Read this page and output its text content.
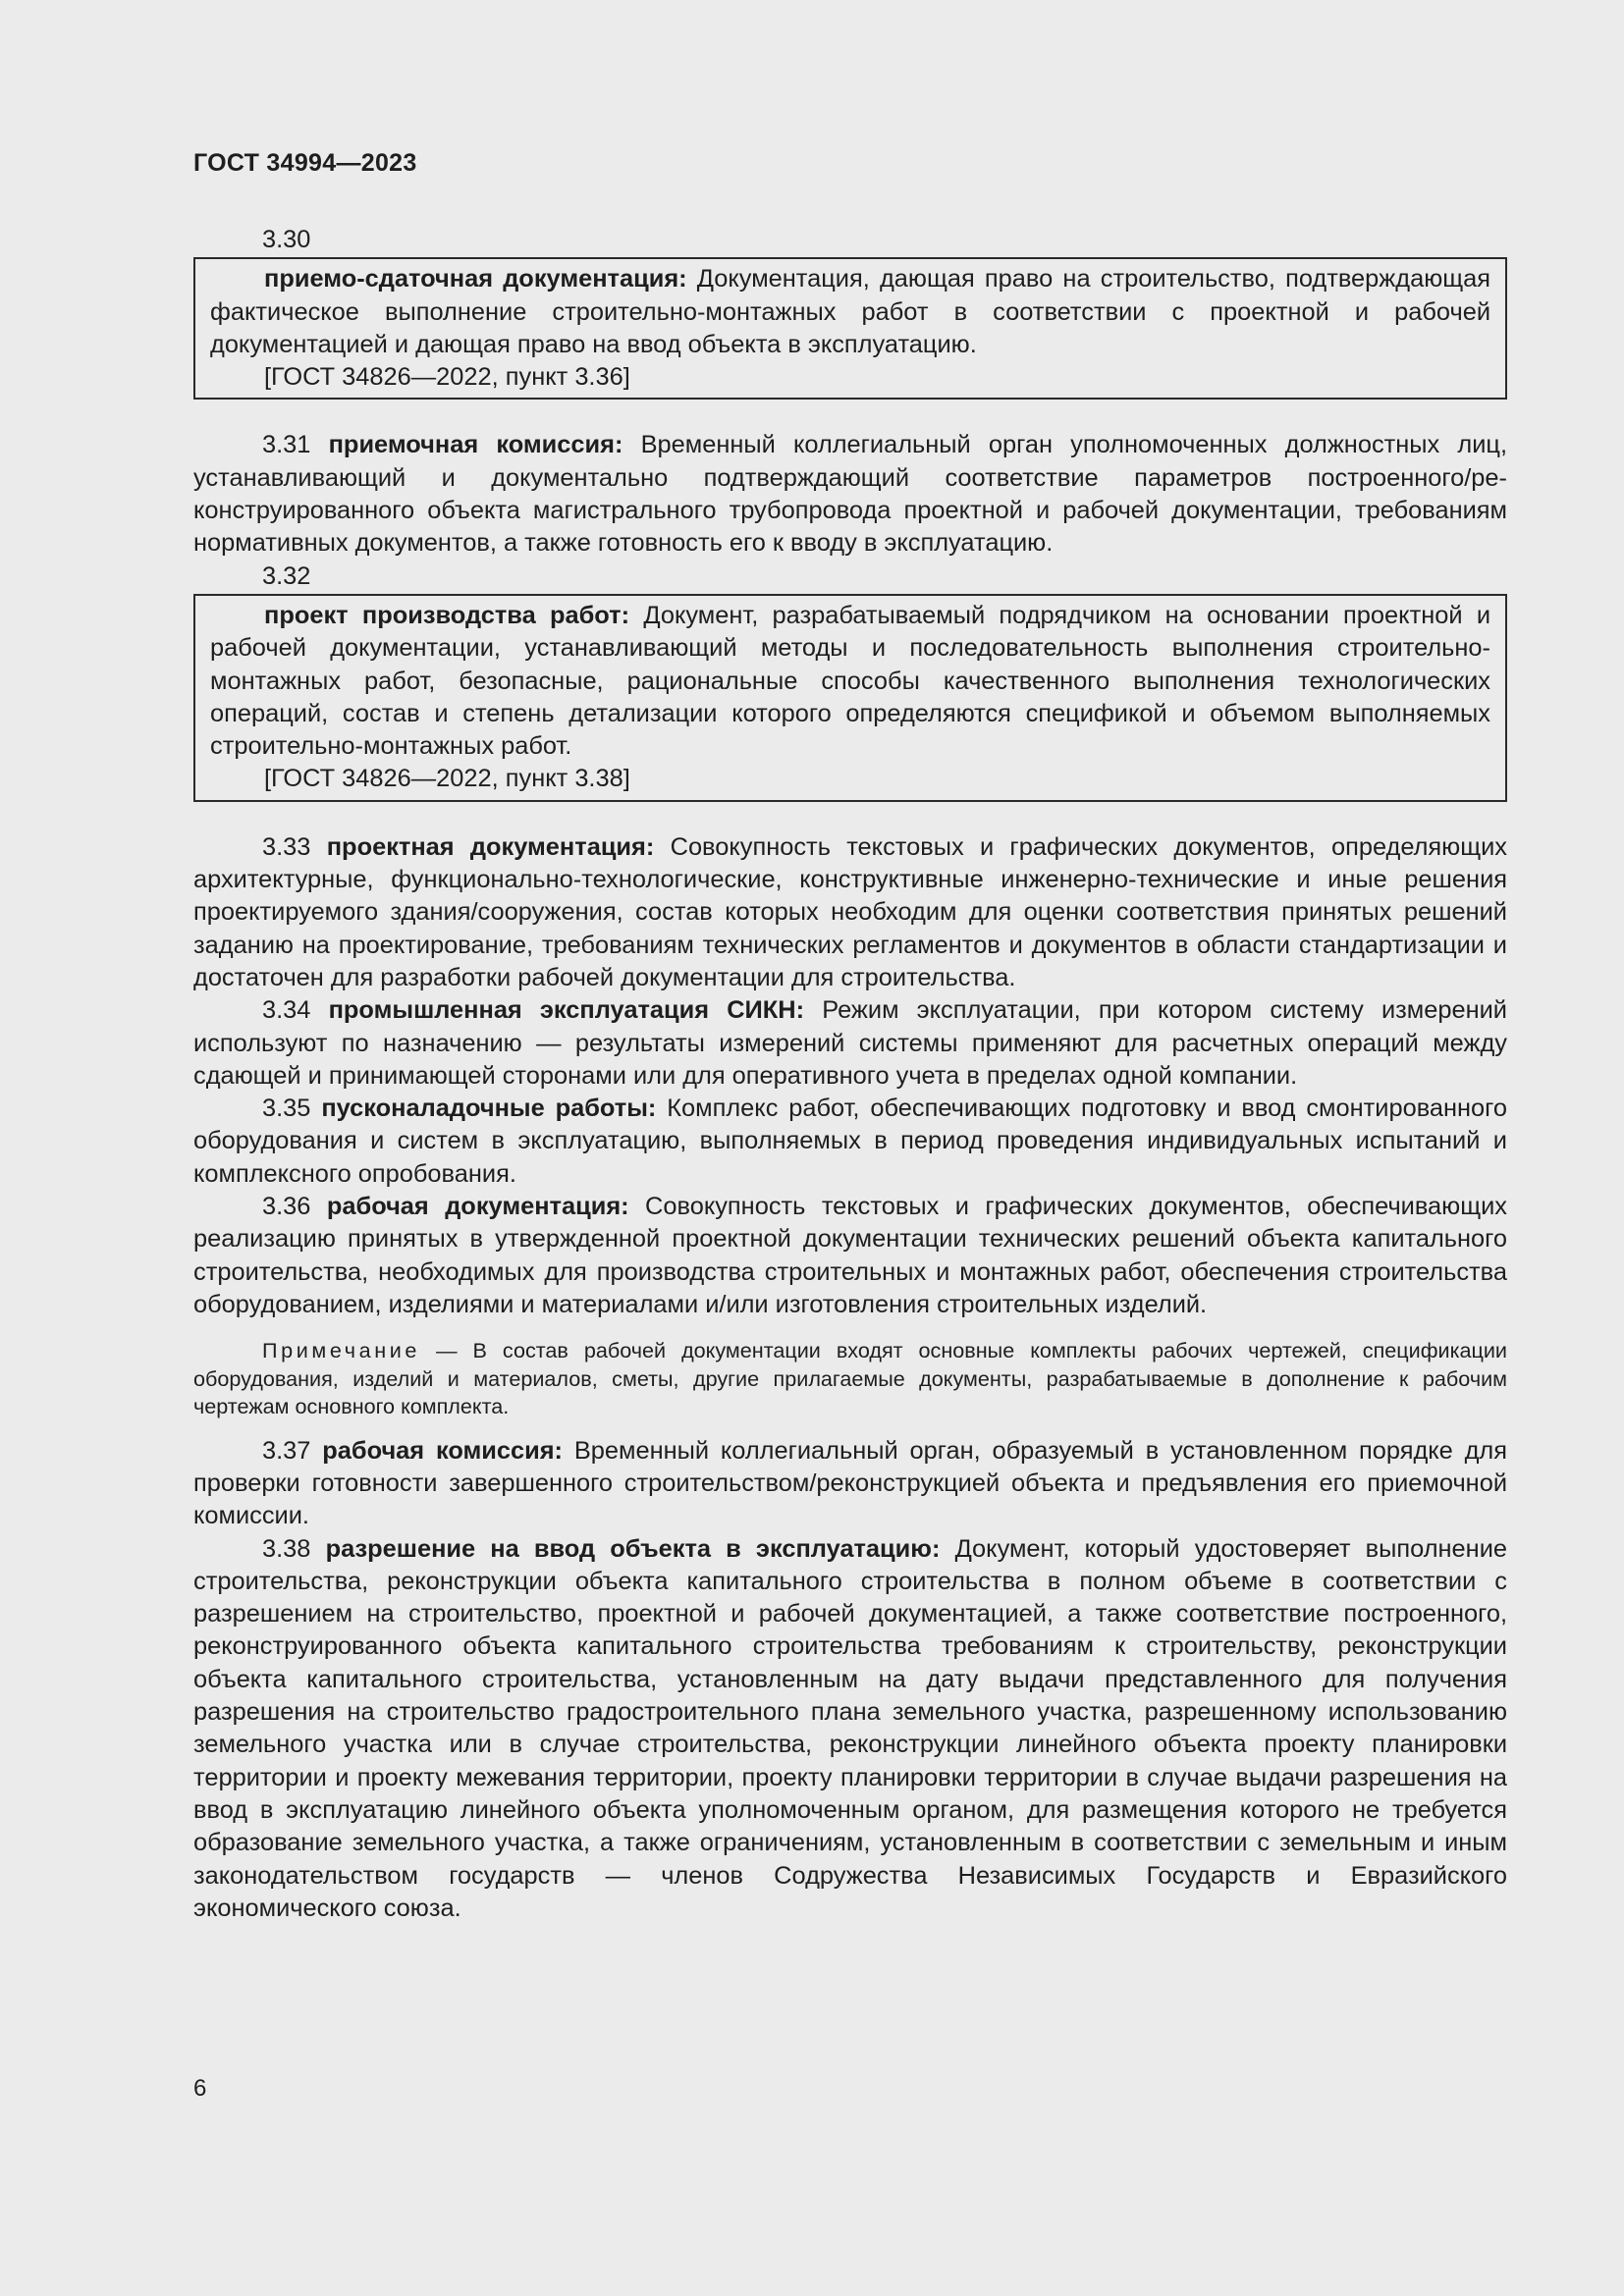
ГОСТ 34994—2023

3.30

приемо-сдаточная документация: Документация, дающая право на строительство, подтверждающая фактическое выполнение строительно-монтажных работ в соответствии с проектной и рабочей документацией и дающая право на ввод объекта в эксплуатацию.

[ГОСТ 34826—2022, пункт 3.36]

3.31 приемочная комиссия: Временный коллегиальный орган уполномоченных должностных лиц, устанавливающий и документально подтверждающий соответствие параметров построенного/реконструированного объекта магистрального трубопровода проектной и рабочей документации, требованиям нормативных документов, а также готовность его к вводу в эксплуатацию.

3.32

проект производства работ: Документ, разрабатываемый подрядчиком на основании проектной и рабочей документации, устанавливающий методы и последовательность выполнения строительно-монтажных работ, безопасные, рациональные способы качественного выполнения технологических операций, состав и степень детализации которого определяются спецификой и объемом выполняемых строительно-монтажных работ.

[ГОСТ 34826—2022, пункт 3.38]

3.33 проектная документация: Совокупность текстовых и графических документов, определяющих архитектурные, функционально-технологические, конструктивные инженерно-технические и иные решения проектируемого здания/сооружения, состав которых необходим для оценки соответствия принятых решений заданию на проектирование, требованиям технических регламентов и документов в области стандартизации и достаточен для разработки рабочей документации для строительства.

3.34 промышленная эксплуатация СИКН: Режим эксплуатации, при котором систему измерений используют по назначению — результаты измерений системы применяют для расчетных операций между сдающей и принимающей сторонами или для оперативного учета в пределах одной компании.

3.35 пусконаладочные работы: Комплекс работ, обеспечивающих подготовку и ввод смонтированного оборудования и систем в эксплуатацию, выполняемых в период проведения индивидуальных испытаний и комплексного опробования.

3.36 рабочая документация: Совокупность текстовых и графических документов, обеспечивающих реализацию принятых в утвержденной проектной документации технических решений объекта капитального строительства, необходимых для производства строительных и монтажных работ, обеспечения строительства оборудованием, изделиями и материалами и/или изготовления строительных изделий.

Примечание — В состав рабочей документации входят основные комплекты рабочих чертежей, спецификации оборудования, изделий и материалов, сметы, другие прилагаемые документы, разрабатываемые в дополнение к рабочим чертежам основного комплекта.

3.37 рабочая комиссия: Временный коллегиальный орган, образуемый в установленном порядке для проверки готовности завершенного строительством/реконструкцией объекта и предъявления его приемочной комиссии.

3.38 разрешение на ввод объекта в эксплуатацию: Документ, который удостоверяет выполнение строительства, реконструкции объекта капитального строительства в полном объеме в соответствии с разрешением на строительство, проектной и рабочей документацией, а также соответствие построенного, реконструированного объекта капитального строительства требованиям к строительству, реконструкции объекта капитального строительства, установленным на дату выдачи представленного для получения разрешения на строительство градостроительного плана земельного участка, разрешенному использованию земельного участка или в случае строительства, реконструкции линейного объекта проекту планировки территории и проекту межевания территории, проекту планировки территории в случае выдачи разрешения на ввод в эксплуатацию линейного объекта уполномоченным органом, для размещения которого не требуется образование земельного участка, а также ограничениям, установленным в соответствии с земельным и иным законодательством государств — членов Содружества Независимых Государств и Евразийского экономического союза.

6
